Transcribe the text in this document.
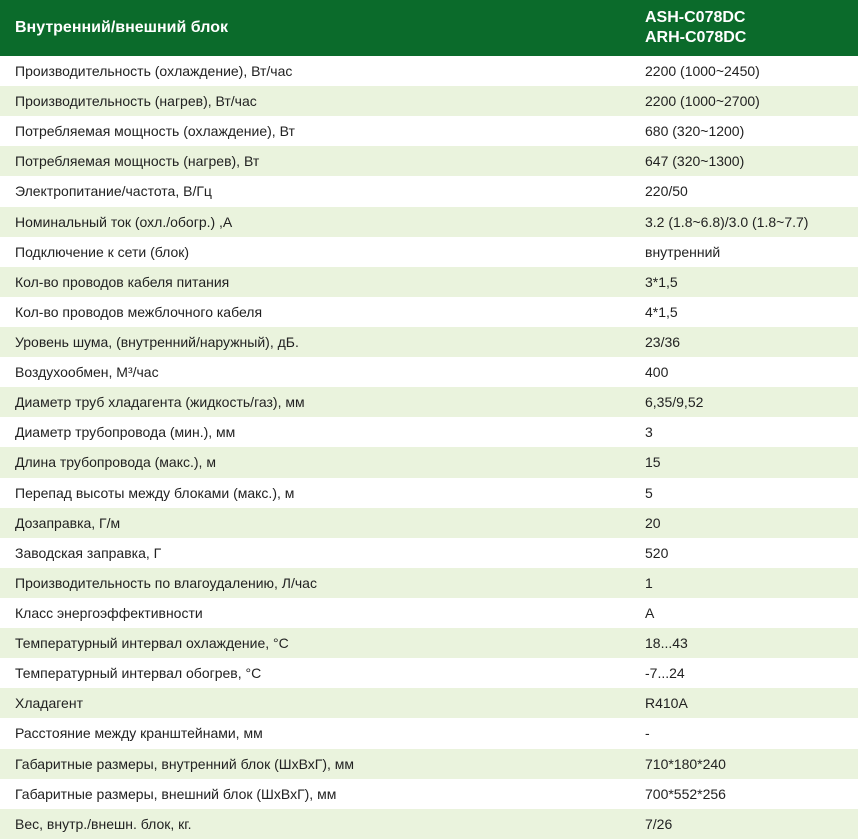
Внутренний/внешний блок	ASH-C078DC
ARH-C078DC

Производительность (охлаждение), Вт/час	2200 (1000~2450)
Производительность (нагрев), Вт/час	2200 (1000~2700)
Потребляемая мощность (охлаждение), Вт	680 (320~1200)
Потребляемая мощность (нагрев), Вт	647 (320~1300)
Электропитание/частота, В/Гц	220/50
Номинальный ток (охл./обогр.) ,А	3.2 (1.8~6.8)/3.0 (1.8~7.7)
Подключение к сети (блок)	внутренний
Кол-во проводов кабеля питания	3*1,5
Кол-во проводов межблочного кабеля	4*1,5
Уровень шума, (внутренний/наружный), дБ.	23/36
Воздухообмен, М³/час	400
Диаметр труб хладагента (жидкость/газ), мм	6,35/9,52
Диаметр трубопровода (мин.), мм	3
Длина трубопровода (макс.), м	15
Перепад высоты между блоками (макс.), м	5
Дозаправка, Г/м	20
Заводская заправка, Г	520
Производительность по влагоудалению, Л/час	1
Класс энергоэффективности	A
Температурный интервал охлаждение, °C	18...43
Температурный интервал обогрев, °C	-7...24
Хладагент	R410A
Расстояние между кранштейнами, мм	-
Габаритные размеры, внутренний блок (ШхВхГ), мм	710*180*240
Габаритные размеры, внешний блок (ШхВхГ), мм	700*552*256
Вес, внутр./внешн. блок, кг.	7/26
